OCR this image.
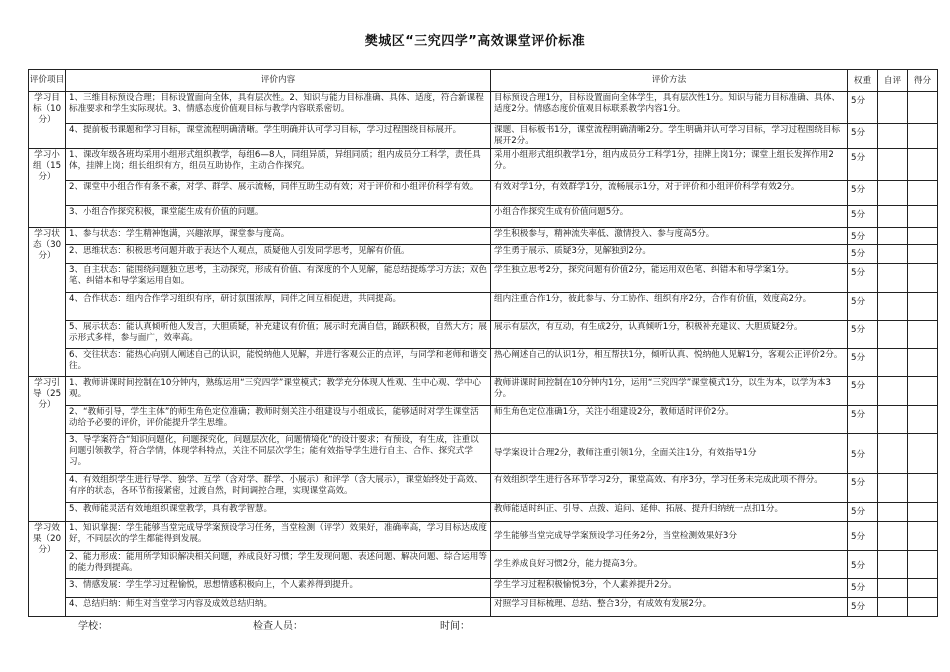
樊城区“三究四学”高效课堂评价标准
评价项目	评价内容	评价方法	权重	自评	得分

学习目标（10分）	1、三维目标预设合理；目标设置面向全体，具有层次性。2、知识与能力目标准确、具体、适度，符合新课程标准要求和学生实际现状。3、情感态度价值观目标与教学内容联系密切。	目标预设合理1分，目标设置面向全体学生，具有层次性1分。知识与能力目标准确、具体、适度2分。情感态度价值观目标联系教学内容1分。	5分		

	4、提前板书课题和学习目标，课堂流程明确清晰。学生明确并认可学习目标，学习过程围绕目标展开。	课题、目标板书1分，课堂流程明确清晰2分。学生明确并认可学习目标，学习过程围绕目标展开2分。	5分		

学习小组（15分）	1、课改年级各班均采用小组形式组织教学，每组6—8人，同组异质，异组同质；组内成员分工科学，责任具体，挂牌上岗；组长组织有方，组员互助协作，主动合作探究。	采用小组形式组织教学1分，组内成员分工科学1分，挂牌上岗1分；课堂上组长发挥作用2分。	5分		

	2、课堂中小组合作有条不紊，对学、群学、展示流畅，同伴互助生动有效；对于评价和小组评价科学有效。	有效对学1分，有效群学1分，流畅展示1分，对于评价和小组评价科学有效2分。	5分		

	3、小组合作探究积极，课堂能生成有价值的问题。	小组合作探究生成有价值问题5分。	5分		

学习状态（30分）	1、参与状态：学生精神饱满，兴趣浓厚，课堂参与度高。	学生积极参与，精神流失率低、激情投入、参与度高5分。	5分		

	2、思维状态：积极思考问题并敢于表达个人观点，质疑他人引发同学思考，见解有价值。	学生勇于展示、质疑3分，见解独到2分。	5分		

	3、自主状态：能围绕问题独立思考，主动探究，形成有价值、有深度的个人见解，能总结提炼学习方法；双色笔、纠错本和导学案运用自如。	学生独立思考2分，探究问题有价值2分，能运用双色笔、纠错本和导学案1分。	5分		

	4、合作状态：组内合作学习组织有序，研讨氛围浓厚，同伴之间互相促进，共同提高。	组内注重合作1分，彼此参与、分工协作、组织有序2分，合作有价值，效度高2分。	5分		

	5、展示状态：能认真倾听他人发言，大胆质疑，补充建议有价值；展示时充满自信，踊跃积极，自然大方；展示形式多样，参与面广，效率高。	展示有层次，有互动，有生成2分，认真倾听1分，积极补充建议、大胆质疑2分。	5分		

	6、交往状态：能热心向别人阐述自己的认识，能悦纳他人见解，并进行客观公正的点评，与同学和老师和谐交往。	热心阐述自己的认识1分，相互帮扶1分，倾听认真、悦纳他人见解1分，客观公正评价2分。	5分		

学习引导（25分）	1、教师讲课时间控制在10分钟内，熟练运用“三究四学”课堂模式；教学充分体现人性观、生中心观、学中心观。	教师讲课时间控制在10分钟内1分，运用“三究四学”课堂模式1分，以生为本，以学为本3分。	5分		

	2、“教师引导，学生主体”的师生角色定位准确；教师时刻关注小组建设与小组成长，能够适时对学生课堂活动给予必要的评价，评价能提升学生思维。	师生角色定位准确1分，关注小组建设2分，教师适时评价2分。	5分		

	3、导学案符合“知识问题化，问题探究化，问题层次化，问题情境化”的设计要求；有预设，有生成，注重以问题引领教学，符合学情，体现学科特点，关注不同层次学生；能有效指导学生进行自主、合作、探究式学习。	导学案设计合理2分，教师注重引领1分，全面关注1分，有效指导1分	5分		

	4、有效组织学生进行导学、独学、互学（含对学、群学、小展示）和评学（含大展示），课堂始终处于高效、有序的状态，各环节衔接紧密，过渡自然，时间调控合理，实现课堂高效。	有效组织学生进行各环节学习2分，课堂高效、有序3分，学习任务未完成此项不得分。	5分		

	5、教师能灵活有效地组织课堂教学，具有教学智慧。	教师能适时纠正、引导、点拨、追问、延伸、拓展、提升归纳统一点扣1分。	5分		

学习效果（20分）	1、知识掌握：学生能够当堂完成导学案预设学习任务，当堂检测（评学）效果好，准确率高，学习目标达成度好，不同层次的学生都能得到发展。	学生能够当堂完成导学案预设学习任务2分，当堂检测效果好3分	5分		

	2、能力形成：能用所学知识解决相关问题，养成良好习惯；学生发现问题、表述问题、解决问题、综合运用等的能力得到提高。	学生养成良好习惯2分，能力提高3分。	5分		

	3、情感发展：学生学习过程愉悦，思想情感积极向上，个人素养得到提升。	学生学习过程积极愉悦3分，个人素养提升2分。	5分		

	4、总结归纳：师生对当堂学习内容及成效总结归纳。	对照学习目标梳理、总结、整合3分，有成效有发展2分。	5分		

学校：	检查人员：	时间：
